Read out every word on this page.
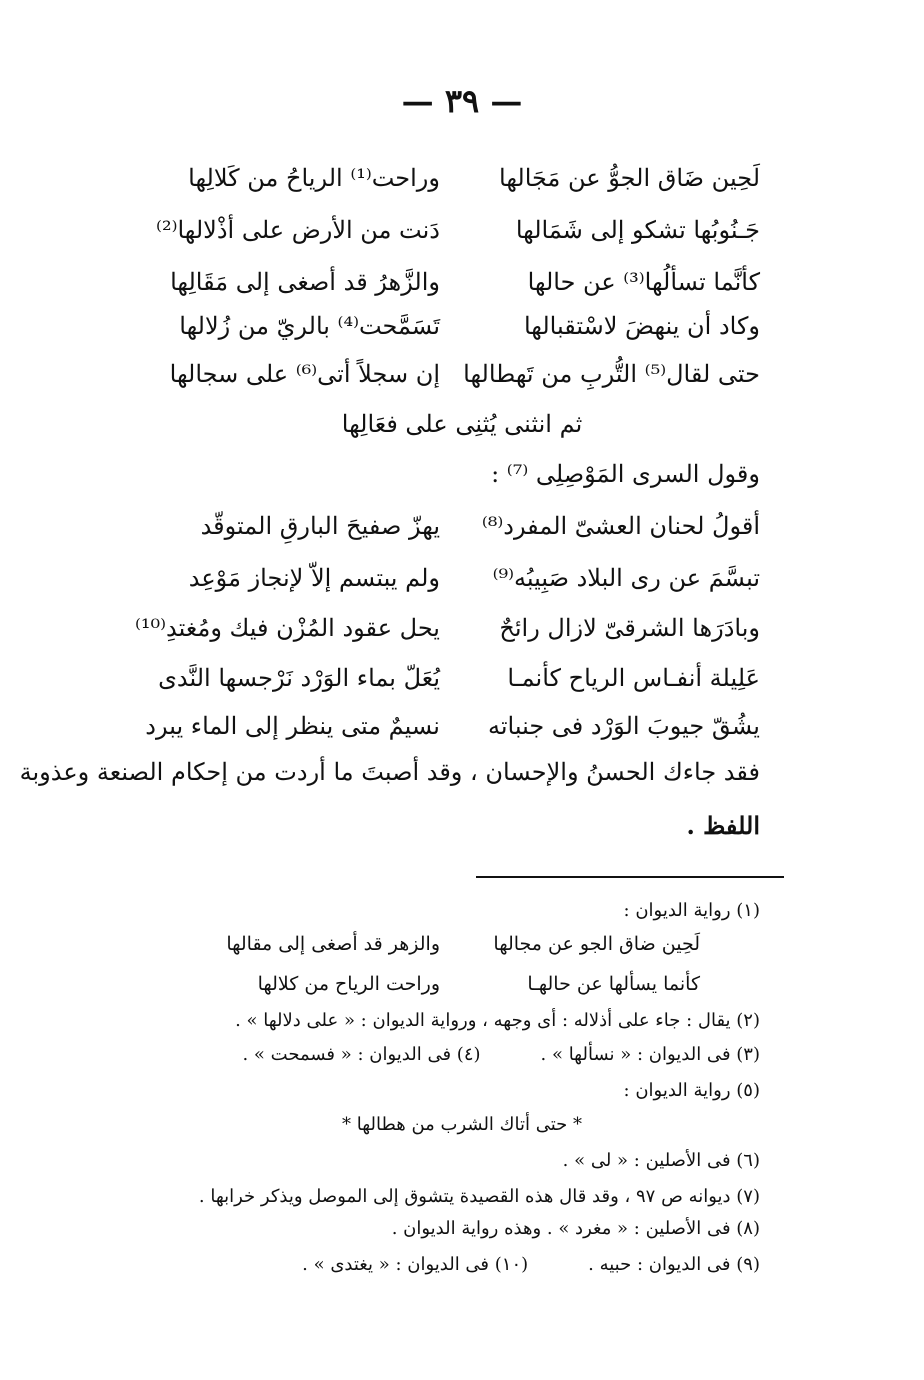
— ٣٩ —
لَحِين ضَاق الجوُّ عن مَجَالها
وراحت⁽¹⁾ الرياحُ من كَلالِها
جَـنُوبُها تشكو إلى شَمَالها
دَنت من الأرض على أذْلالها⁽²⁾
كأنَّما تسألُها⁽³⁾ عن حالها
والزَّهرُ قد أصغى إلى مَقَالِها
وكاد أن ينهضَ لاسْتقبالها
تَسَمَّحت⁽⁴⁾ بالريّ من زُلالها
حتى لقال⁽⁵⁾ التُّربِ من تَهطالها
إن سجلاً أتى⁽⁶⁾ على سجالها
ثم انثنى يُثنِى على فعَالِها
وقول السرى المَوْصِلِى ⁽⁷⁾ :
أقولُ لحنان العشىّ المفرد⁽⁸⁾
يهزّ صفيحَ البارقِ المتوقّد
تبسَّمَ عن رى البلاد صَبِيبُه⁽⁹⁾
ولم يبتسم إلاّ لإنجاز مَوْعِد
وبادَرَها الشرقىّ لازال رائحٌ
يحل عقود المُزْن فيك ومُغتدِ⁽¹⁰⁾
عَلِيلة أنفـاس الرياح كأنمـا
يُعَلّ بماء الوَرْد نَرْجسها النَّدى
يشُقّ جيوبَ الوَرْد فى جنباته
نسيمٌ متى ينظر إلى الماء يبرد
فقد جاءك الحسنُ والإحسان ، وقد أصبتَ ما أردت من إحكام الصنعة وعذوبة
اللفظ .
(١) رواية الديوان :
لَحِين ضاق الجو عن مجالها
والزهر قد أصغى إلى مقالها
كأنما يسألها عن حالهـا
وراحت الرياح من كلالها
(٢) يقال : جاء على أذلاله : أى وجهه ، ورواية الديوان : « على دلالها » .
(٣) فى الديوان : « نسألها » .(٤) فى الديوان : « فسمحت » .
(٥) رواية الديوان :
* حتى أتاك الشرب من هطالها *
(٦) فى الأصلين : « لى » .
(٧) ديوانه ص ٩٧ ، وقد قال هذه القصيدة يتشوق إلى الموصل ويذكر خرابها .
(٨) فى الأصلين : « مغرد » . وهذه رواية الديوان .
(٩) فى الديوان : حبيه .(١٠) فى الديوان : « يغتدى » .
